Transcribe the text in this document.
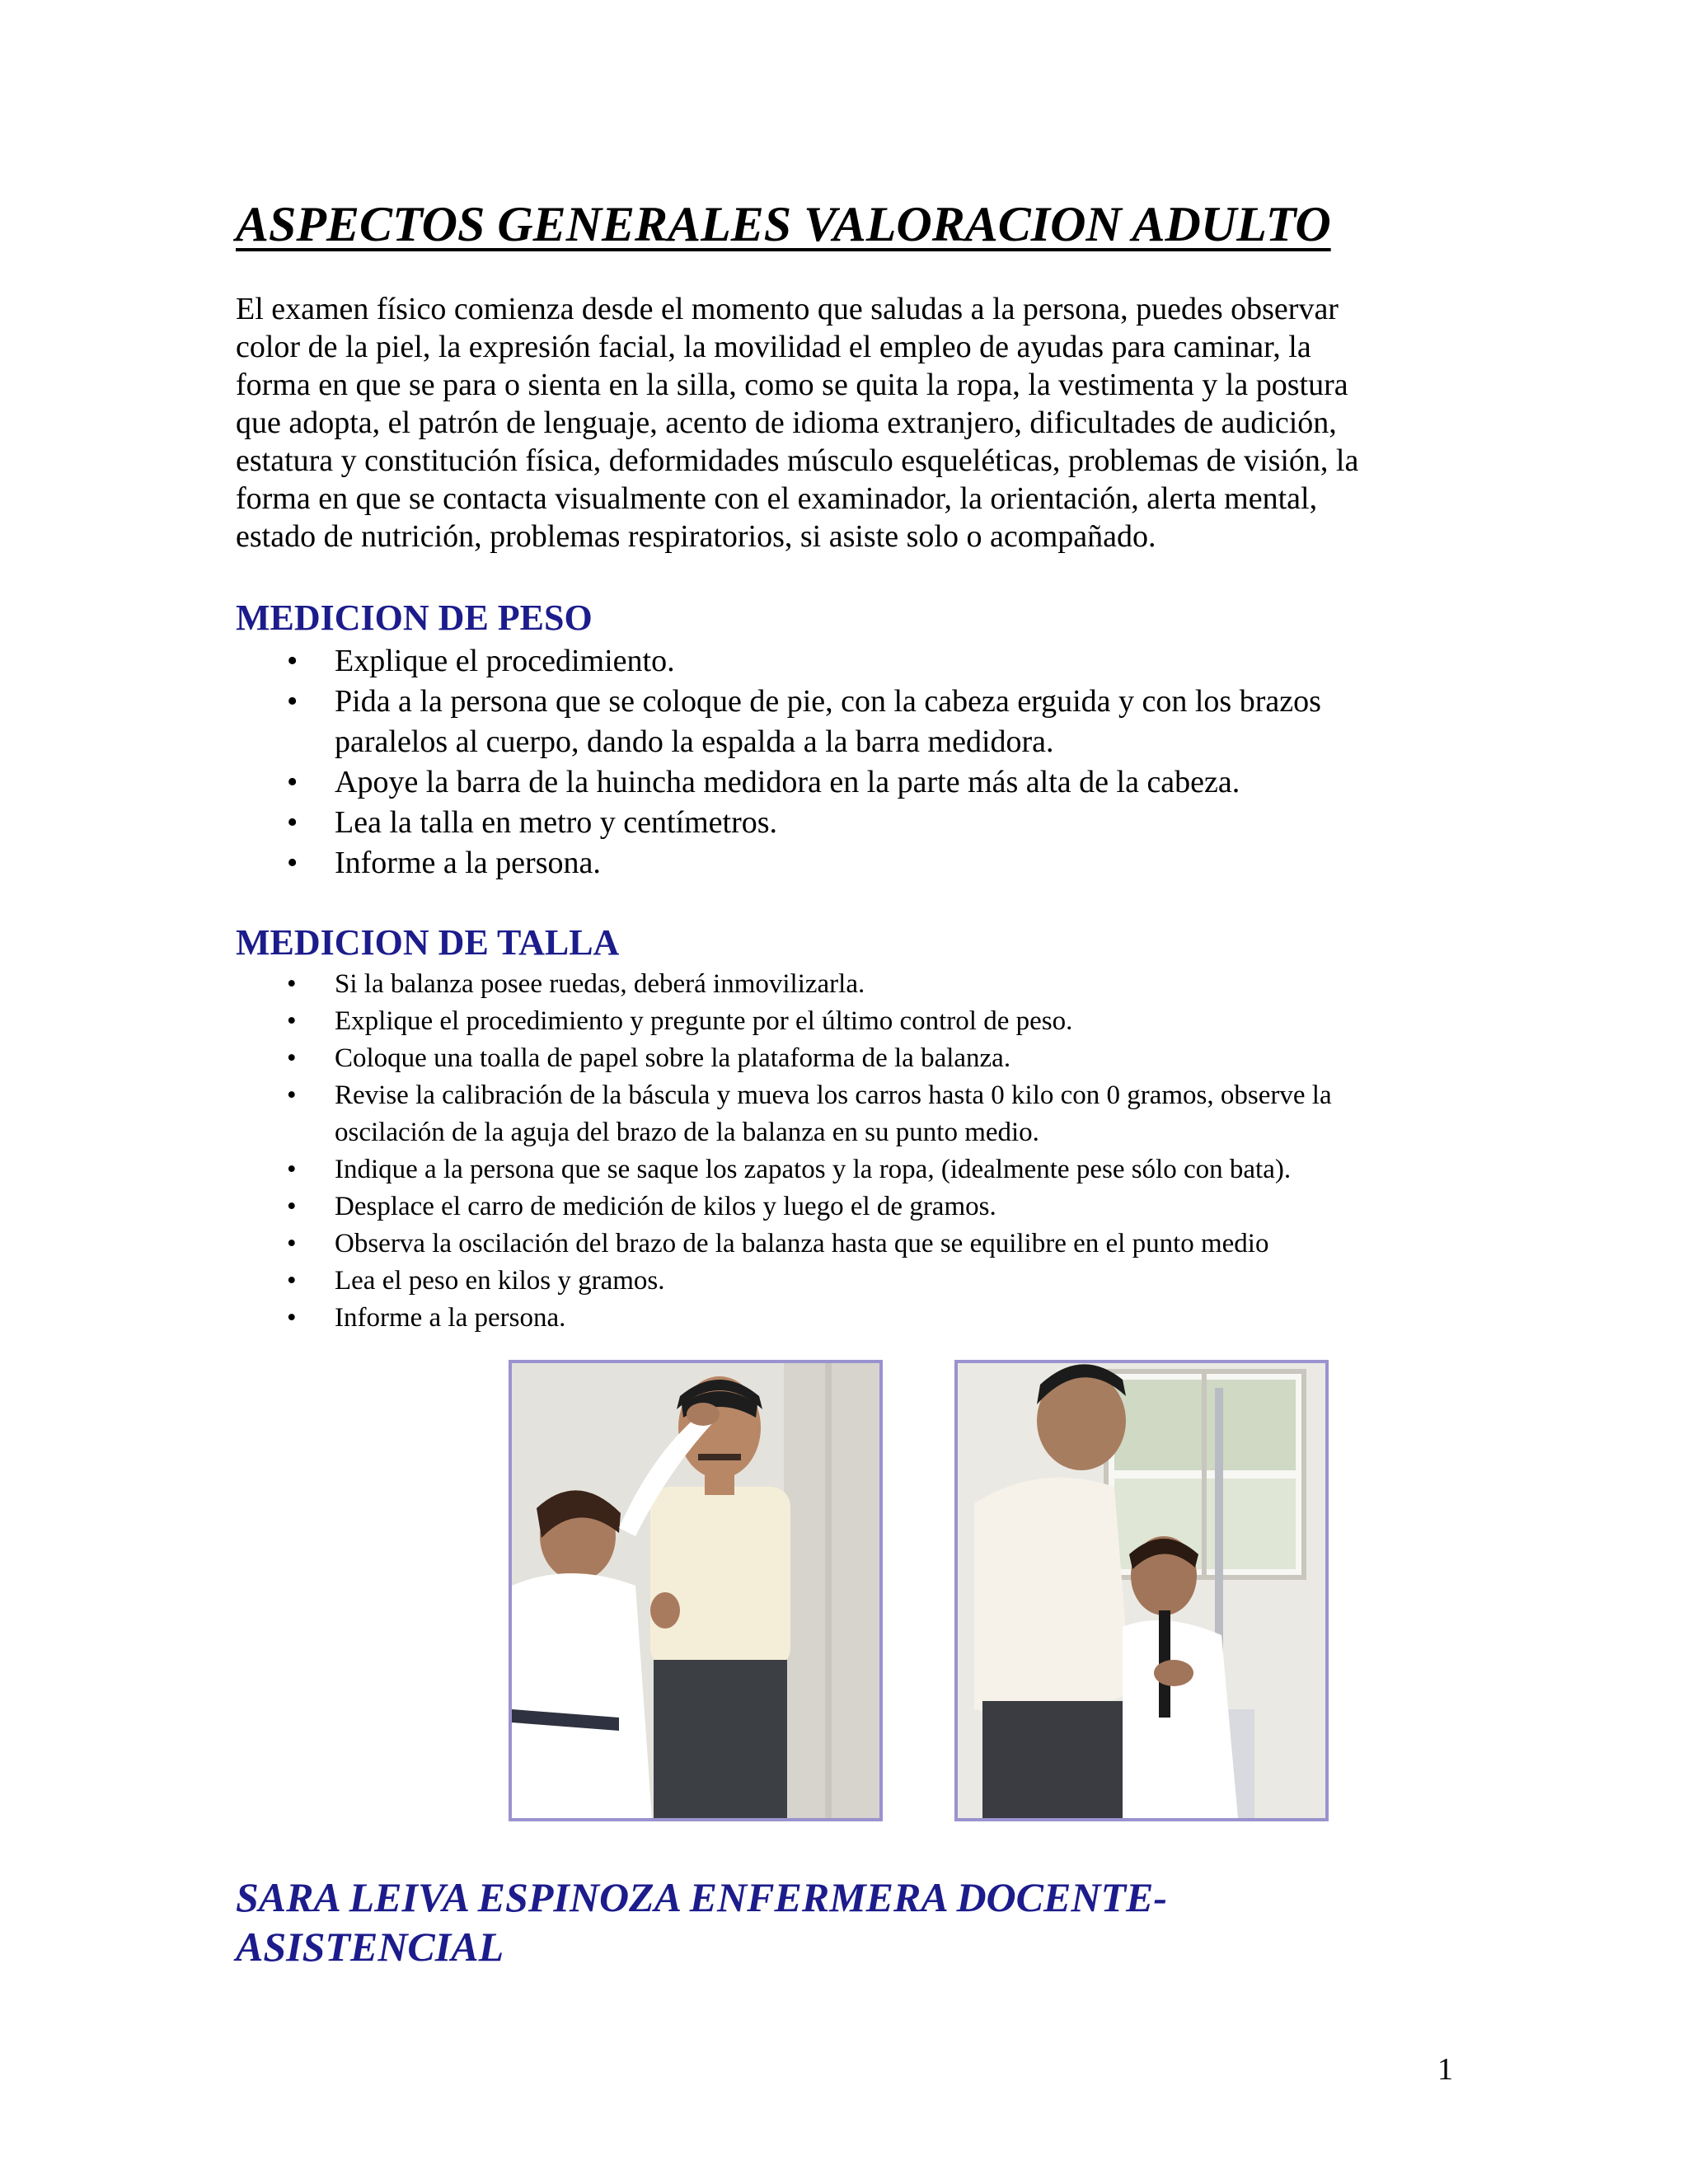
ASPECTOS GENERALES VALORACION ADULTO

El examen físico comienza desde el momento que saludas a la persona, puedes observar
color de la piel, la expresión facial, la movilidad el empleo de ayudas para caminar, la
forma en que se para o sienta en la silla, como se quita la ropa, la vestimenta y la postura
que adopta, el patrón de lenguaje, acento de idioma extranjero, dificultades de audición,
estatura y constitución física, deformidades músculo esqueléticas, problemas de visión, la
forma en que se contacta visualmente con el examinador, la orientación, alerta mental,
estado de nutrición, problemas respiratorios, si asiste solo o acompañado.

MEDICION DE PESO
• Explique el procedimiento.
• Pida a la persona que se coloque de pie, con la cabeza erguida y con los brazos
paralelos al cuerpo, dando la espalda a la barra medidora.
• Apoye la barra de la huincha medidora en la parte más alta de la cabeza.
• Lea la talla en metro y centímetros.
• Informe a la persona.
MEDICION DE TALLA
• Si la balanza posee ruedas, deberá inmovilizarla.
• Explique el procedimiento y pregunte por el último control de peso.
• Coloque una toalla de papel sobre la plataforma de la balanza.
• Revise la calibración de la báscula y mueva los carros hasta 0 kilo con 0 gramos, observe la
oscilación de la aguja del brazo de la balanza en su punto medio.
• Indique a la persona que se saque los zapatos y la ropa, (idealmente pese sólo con bata).
• Desplace el carro de medición de kilos y luego el de gramos.
• Observa la oscilación del brazo de la balanza hasta que se equilibre en el punto medio
• Lea el peso en kilos y gramos.
• Informe a la persona.

SARA LEIVA ESPINOZA ENFERMERA DOCENTE-
ASISTENCIAL

1
